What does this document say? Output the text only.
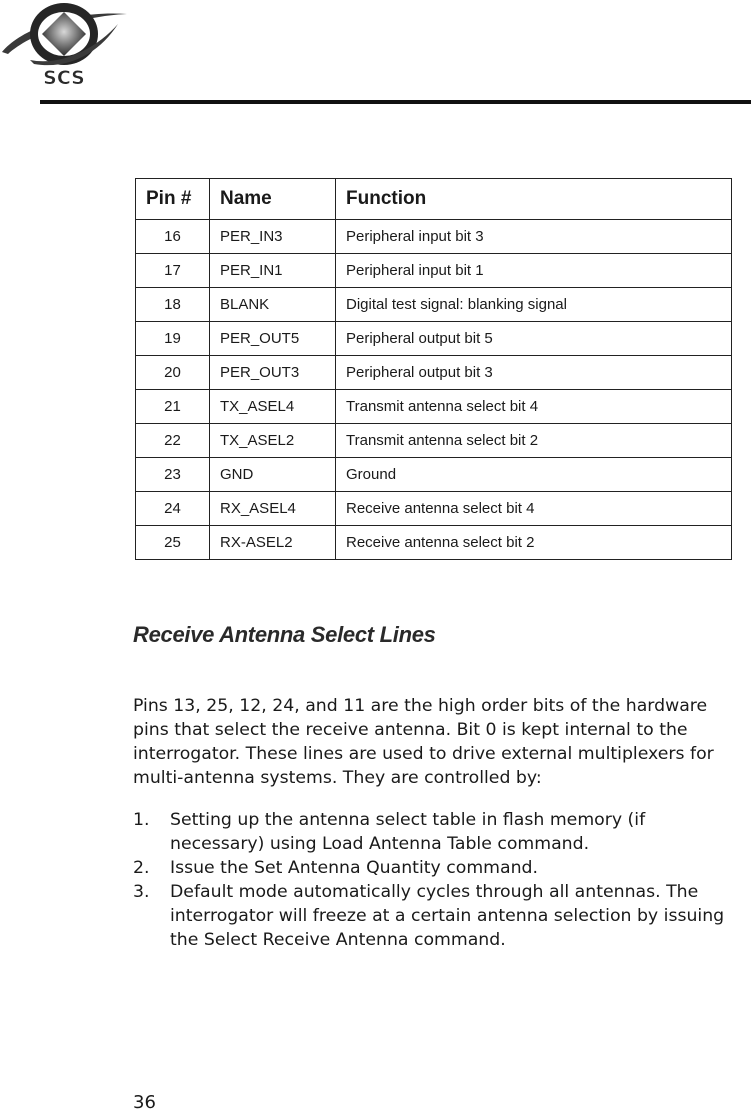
SCS
Pin #	Name	Function
16	PER_IN3	Peripheral input bit 3
17	PER_IN1	Peripheral input bit 1
18	BLANK	Digital test signal: blanking signal
19	PER_OUT5	Peripheral output bit 5
20	PER_OUT3	Peripheral output bit 3
21	TX_ASEL4	Transmit antenna select bit 4
22	TX_ASEL2	Transmit antenna select bit 2
23	GND	Ground
24	RX_ASEL4	Receive antenna select bit 4
25	RX-ASEL2	Receive antenna select bit 2
Receive Antenna Select Lines

Pins 13, 25, 12, 24, and 11 are the high order bits of the hardware pins that select the receive antenna. Bit 0 is kept internal to the interrogator. These lines are used to drive external multiplexers for multi-antenna systems. They are controlled by:

1. Setting up the antenna select table in flash memory (if necessary) using Load Antenna Table command.
2. Issue the Set Antenna Quantity command.
3. Default mode automatically cycles through all antennas. The interrogator will freeze at a certain antenna selection by issuing the Select Receive Antenna command.
36
